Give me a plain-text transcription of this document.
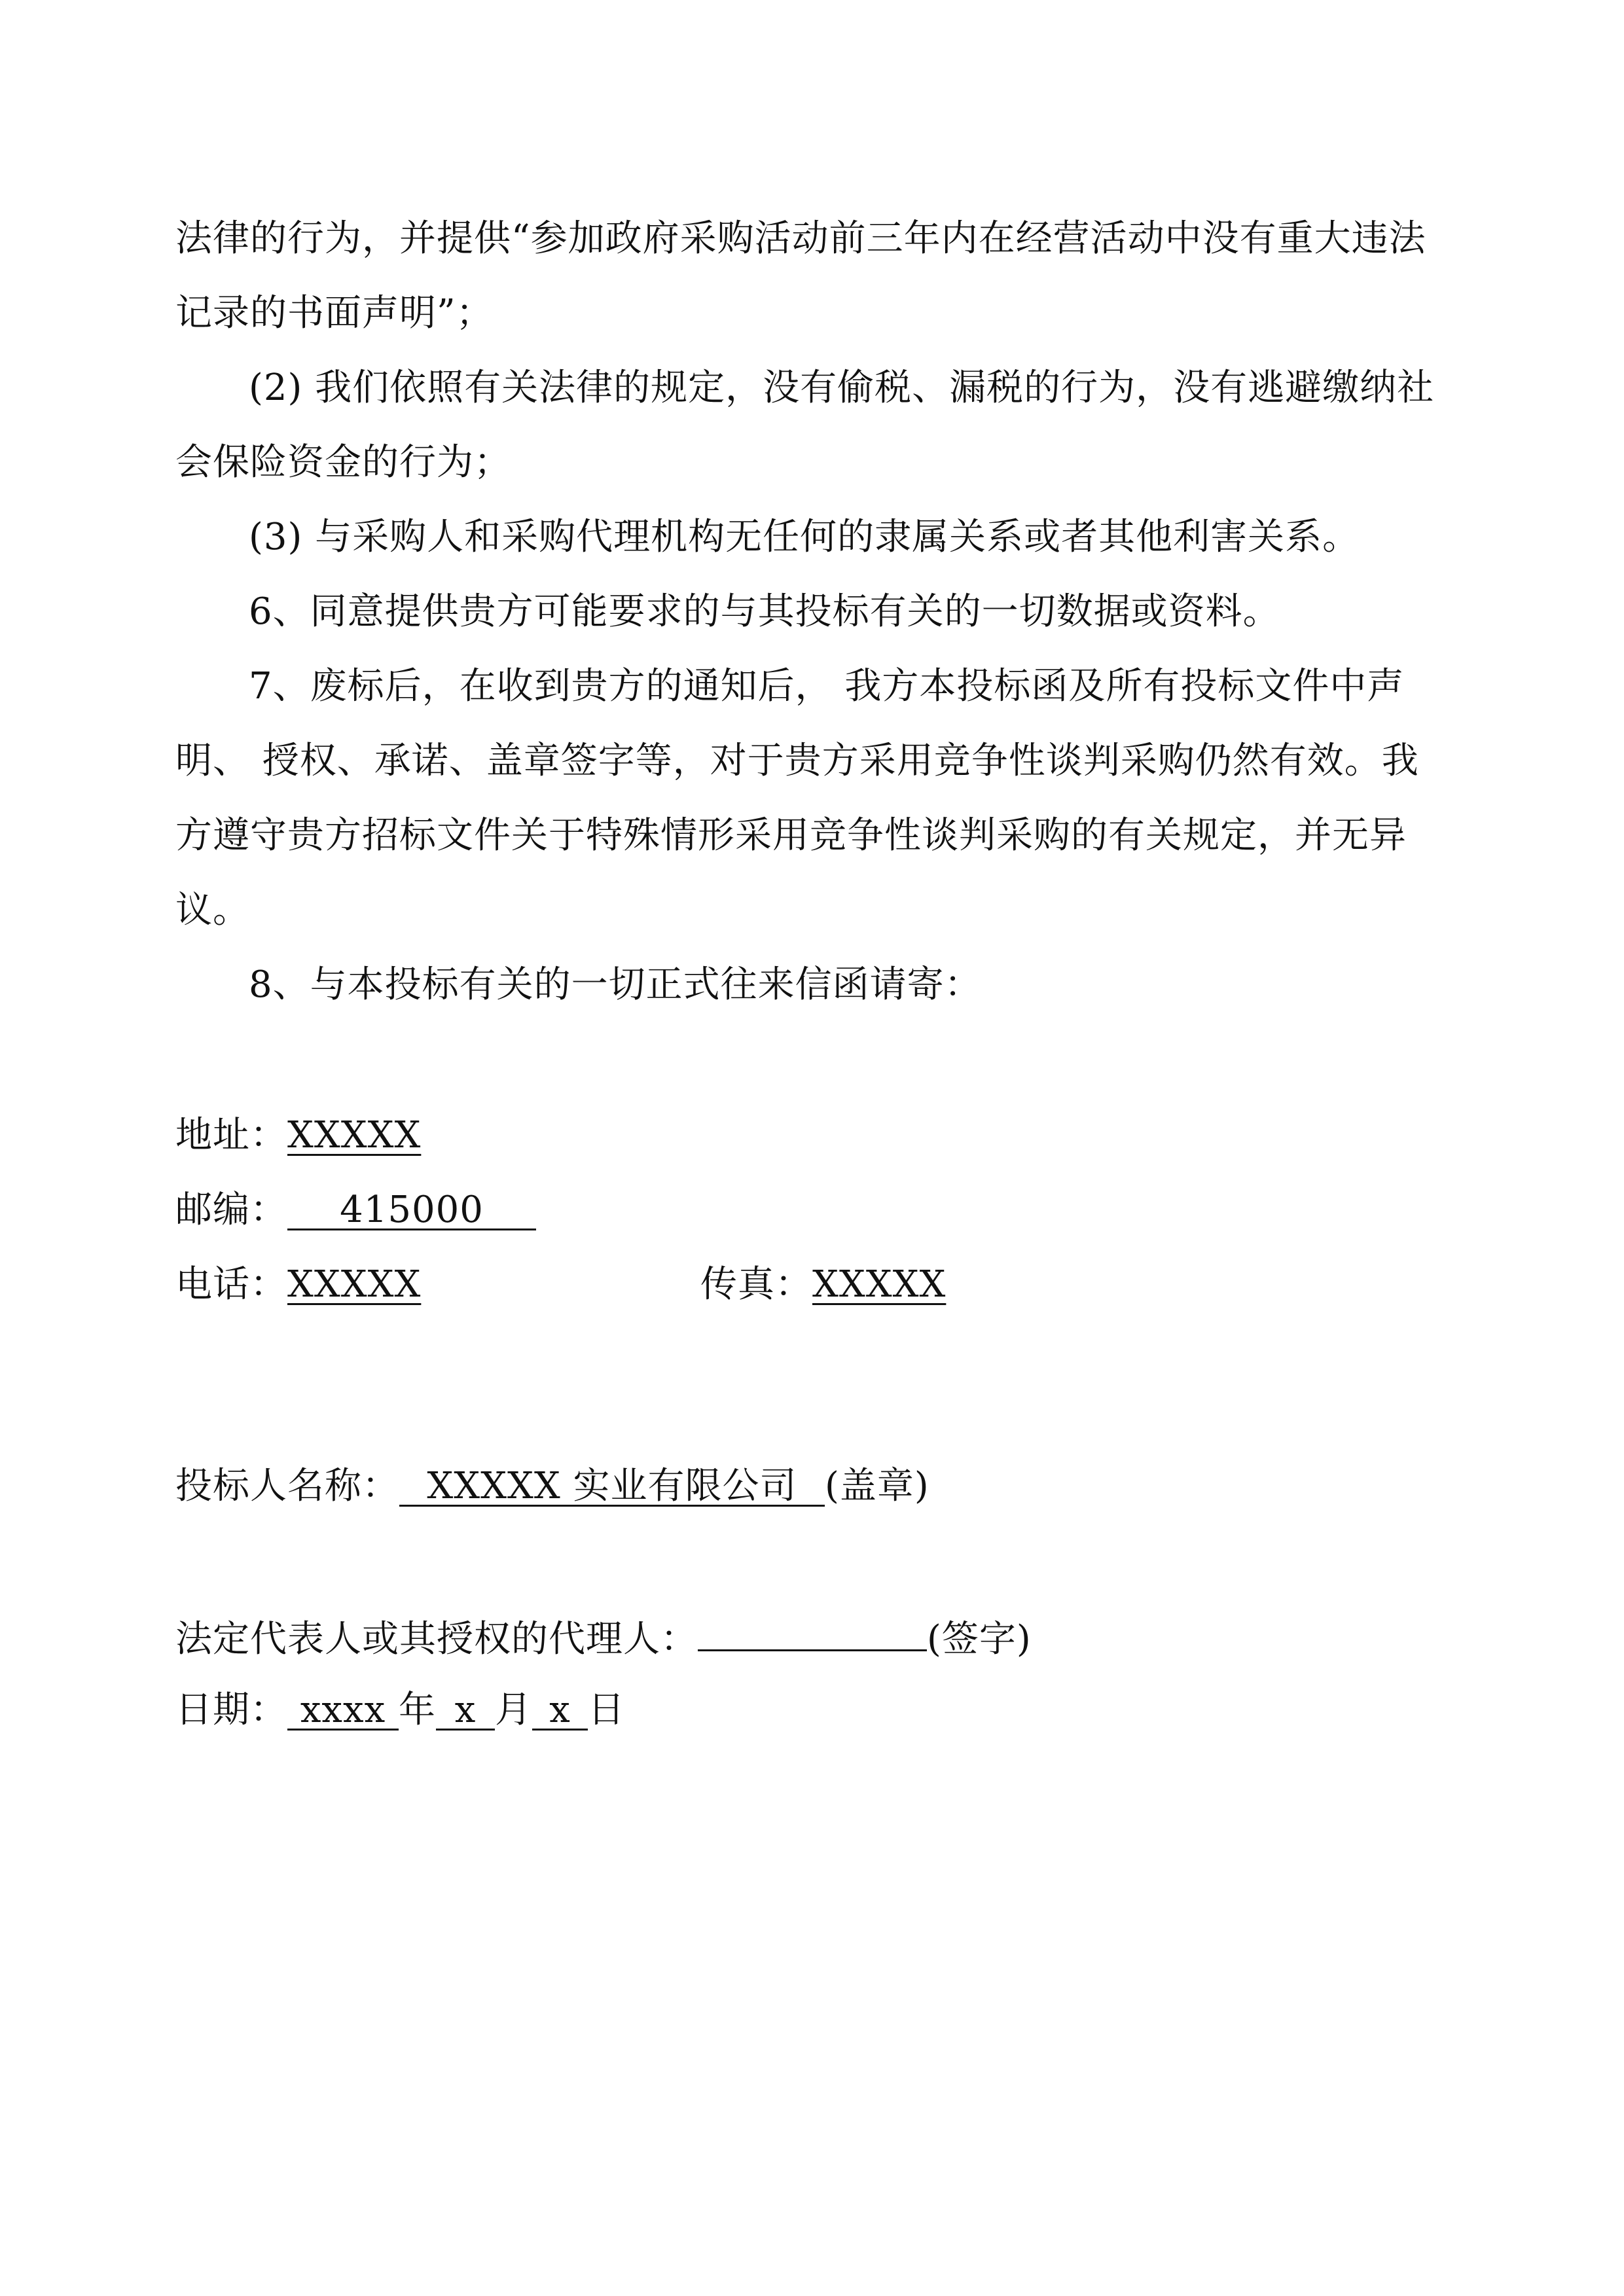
法律的行为，并提供“参加政府采购活动前三年内在经营活动中没有重大违法记录的书面声明”；

(2) 我们依照有关法律的规定，没有偷税、漏税的行为，没有逃避缴纳社会保险资金的行为；

(3) 与采购人和采购代理机构无任何的隶属关系或者其他利害关系。

6、同意提供贵方可能要求的与其投标有关的一切数据或资料。

7、废标后，在收到贵方的通知后， 我方本投标函及所有投标文件中声明、 授权、承诺、盖章签字等，对于贵方采用竞争性谈判采购仍然有效。我方遵守贵方招标文件关于特殊情形采用竞争性谈判采购的有关规定，并无异议。

8、与本投标有关的一切正式往来信函请寄：

地址：XXXXX
邮编： 415000
电话：XXXXX	传真：XXXXX
投标人名称： XXXXX 实业有限公司 (盖章)
法定代表人或其授权的代理人：	(签字)
日期： xxxx 年 x 月 x 日
